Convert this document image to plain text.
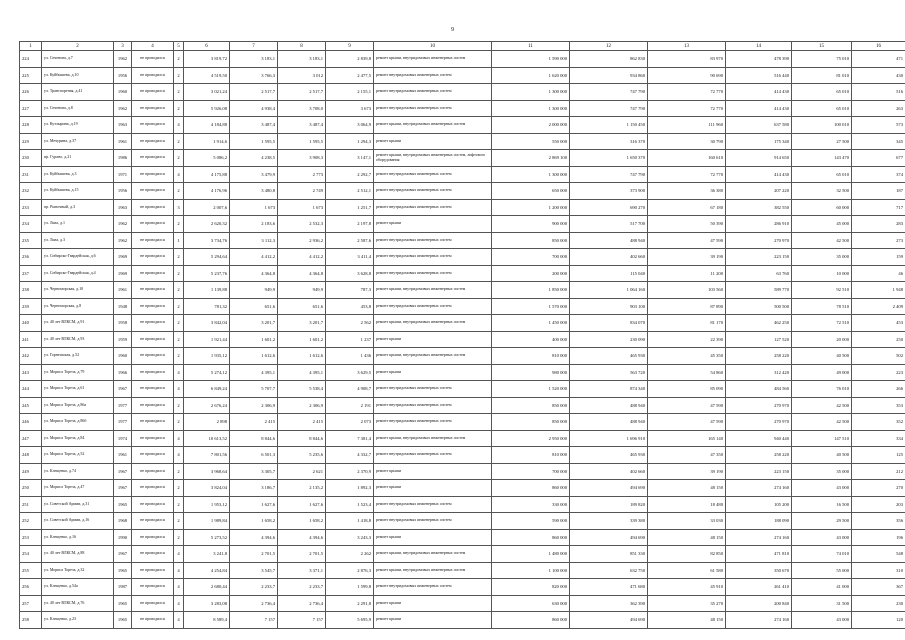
9
1	2	3	4	5	6	7	8	9	10	11	12	13	14	15	16
224	ул. Сеченова, д.7	1962	не проводился	2	3 819,72	3 183,1	3 183,1	2 839,8	ремонт крыши, внутридомовых инженерных систем	1 590 000	862 830	83 970	478 390	75 010	471
225	ул. Куйбышева, д.10	1956	не проводился	2	4 519,50	3 766,3	3 012	2 477,5	ремонт внутридомовых инженерных систем	1 620 000	934 860	90 690	516 440	81 010	430
226	ул. Транспортная, д.41	1960	не проводился	2	3 021,24	2 517,7	2 517,7	2 155,1	ремонт внутридомовых инженерных систем	1 300 000	747 790	72 770	414 430	65 010	516
227	ул. Сеченова, д.8	1962	не проводился	2	5 926,08	4 938,4	3 708,0	3 673	ремонт внутридомовых инженерных систем	1 300 000	747 790	72 770	414 430	65 010	263
228	ул. Кутлырина, д.19	1963	не проводился	4	4 184,88	3 487,4	3 487,4	3 064,9	ремонт крыши, внутридомовых инженерных систем	2 000 000	1 150 450	111 960	637 580	100 010	573
229	ул. Мечурина, д.37	1961	не проводился	2	1 914,6	1 595,5	1 595,5	1 294,3	ремонт крыши	550 000	316 370	30 790	175 340	27 500	345
230	пр. Гурано, д.21	1986	не проводился	2	5 086,2	4 238,5	3 908,3	3 147,1	ремонт крыши, внутридомовых инженерных систем, лифтового оборудования	2 869 100	1 650 370	160 610	914 650	143 470	677
231	ул. Куйбышева, д.3	1971	не проводился	4	4 175,88	3 479,9	2 773	2 292,7	ремонт внутридомовых инженерных систем	1 300 000	747 790	72 770	414 430	65 010	374
232	ул. Куйбышева, д.15	1956	не проводился	2	4 176,96	3 480,8	2 749	2 512,1	ремонт внутридомовых инженерных систем	650 000	373 900	36 380	207 220	32 500	187
233	пр. Рыночный, д.3	1963	не проводился	3	2 007,6	1 673	1 673	1 251,7	ремонт внутридомовых инженерных систем	1 200 000	690 270	67 180	382 550	60 000	717
234	ул. Льва, д.1	1962	не проводился	2	2 620,32	2 183,6	2 532,3	2 197,8	ремонт крыши	900 000	517 700	50 390	286 910	45 000	283
235	ул. Льва, д.3	1962	не проводился	1	3 734,76	3 112,3	2 936,2	2 587,6	ремонт внутридомовых инженерных систем	850 000	488 940	47 590	270 970	42 500	273
236	ул. Сибирско-Гвардейская, д.6	1969	не проводился	2	5 294,64	4 412,2	4 412,2	3 411,4	ремонт внутридомовых инженерных систем	700 000	402 660	39 190	223 150	35 000	159
237	ул. Сибирско-Гвардейская, д.4	1969	не проводился	2	5 237,76	4 364,8	4 364,8	3 628,8	ремонт внутридомовых инженерных систем	200 000	115 040	11 200	63 760	10 000	46
238	ул. Черноморская, д.10	1961	не проводился	2	1 139,88	949,9	949,9	787,3	ремонт крыши, внутридомовых инженерных систем	1 850 000	1 064 160	103 560	589 770	92 510	1 948
239	ул. Черноморская, д.8	1948	не проводился	2	781,32	651,6	651,6	453,8	ремонт внутридомовых инженерных систем	1 570 000	903 100	87 890	500 500	78 510	2 409
240	ул. 40 лет ВЛКСМ, д.91	1958	не проводился	2	3 842,04	3 201,7	3 201,7	2 562	ремонт крыши, внутридомовых инженерных систем	1 450 000	834 070	81 170	462 250	72 510	453
241	ул. 40 лет ВЛКСМ, д.93	1959	не проводился	2	1 921,44	1 601,2	1 601,2	1 237	ремонт крыши	400 000	230 090	22 390	127 520	20 000	250
242	ул. Горнешская, д.52	1960	не проводился	2	1 935,12	1 612,6	1 612,6	1 436	ремонт крыши, внутридомовых инженерных систем	810 000	465 930	45 350	258 220	40 500	502
243	ул. Мориса Тореза, д.79	1966	не проводился	4	5 274,12	4 395,1	4 395,1	3 629,5	ремонт крыши	980 000	563 720	54 860	312 420	49 000	223
244	ул. Мориса Тореза, д.61	1967	не проводился	4	6 849,24	5 707,7	5 538,4	4 908,7	ремонт внутридомовых инженерных систем	1 520 000	874 340	85 090	484 560	76 010	266
245	ул. Мориса Тореза, д.86а	1977	не проводился	2	2 676,24	2 306,9	2 306,9	2 191	ремонт внутридомовых инженерных систем	850 000	488 940	47 590	270 970	42 500	353
246	ул. Мориса Тореза, д.86б	1977	не проводился	2	2 898	2 415	2 415	2 073	ремонт внутридомовых инженерных систем	850 000	488 940	47 590	270 970	42 500	352
247	ул. Мориса Тореза, д.84	1974	не проводился	4	10 613,52	8 844,6	8 844,6	7 381,4	ремонт крыши, внутридомовых инженерных систем	2 950 000	1 696 910	165 140	940 440	147 510	334
248	ул. Мориса Тореза, д.52	1961	не проводился	4	7 801,56	6 501,3	5 235,6	4 332,7	ремонт внутридомовых инженерных систем	810 000	465 930	47 350	258 220	40 500	125
249	ул. Клещенко, д.74	1967	не проводился	2	3 968,64	3 305,7	2 621	2 370,9	ремонт крыши	700 000	402 660	39 190	223 150	35 000	212
250	ул. Мориса Тореза, д.47	1967	не проводился	2	3 824,04	3 186,7	2 135,2	1 892,3	ремонт крыши	860 000	494 690	48 150	274 160	43 000	270
251	ул. Советской Армии, д.31	1965	не проводился	2	1 953,12	1 627,6	1 627,6	1 523,4	ремонт внутридомовых инженерных систем	330 000	189 820	18 480	105 200	16 500	203
252	ул. Советской Армии, д.16	1968	не проводился	2	1 989,84	1 658,2	1 658,2	1 418,8	ремонт внутридомовых инженерных систем	590 000	339 380	33 030	188 090	29 500	356
253	ул. Клещенко, д.16	1990	не проводился	2	5 273,52	4 394,6	4 394,6	3 243,3	ремонт крыши	860 000	494 690	48 150	274 160	43 000	196
254	ул. 40 лет ВЛКСМ, д.88	1967	не проводился	4	3 241,8	2 701,5	2 701,5	2 262	ремонт крыши, внутридомовых инженерных систем	1 480 000	851 330	82 850	471 810	74 010	548
255	ул. Мориса Тореза, д.32	1965	не проводился	4	4 254,84	3 545,7	3 371,1	2 876,3	ремонт крыши, внутридомовых инженерных систем	1 100 000	632 750	61 580	350 670	55 000	310
256	ул. Клещенко, д.54а	1987	не проводился	4	2 680,44	2 233,7	2 233,7	1 599,8	ремонт внутридомовых инженерных систем	820 000	471 680	45 910	261 410	41 000	367
257	ул. 40 лет ВЛКСМ, д.76	1965	не проводился	4	3 283,08	2 736,4	2 736,4	2 291,8	ремонт крыши	630 000	362 390	35 270	200 840	31 500	230
258	ул. Клещенко, д.23	1965	не проводился	4	8 589,4	7 157	7 157	5 695,9	ремонт крыши	860 000	494 690	48 150	274 160	43 000	120
